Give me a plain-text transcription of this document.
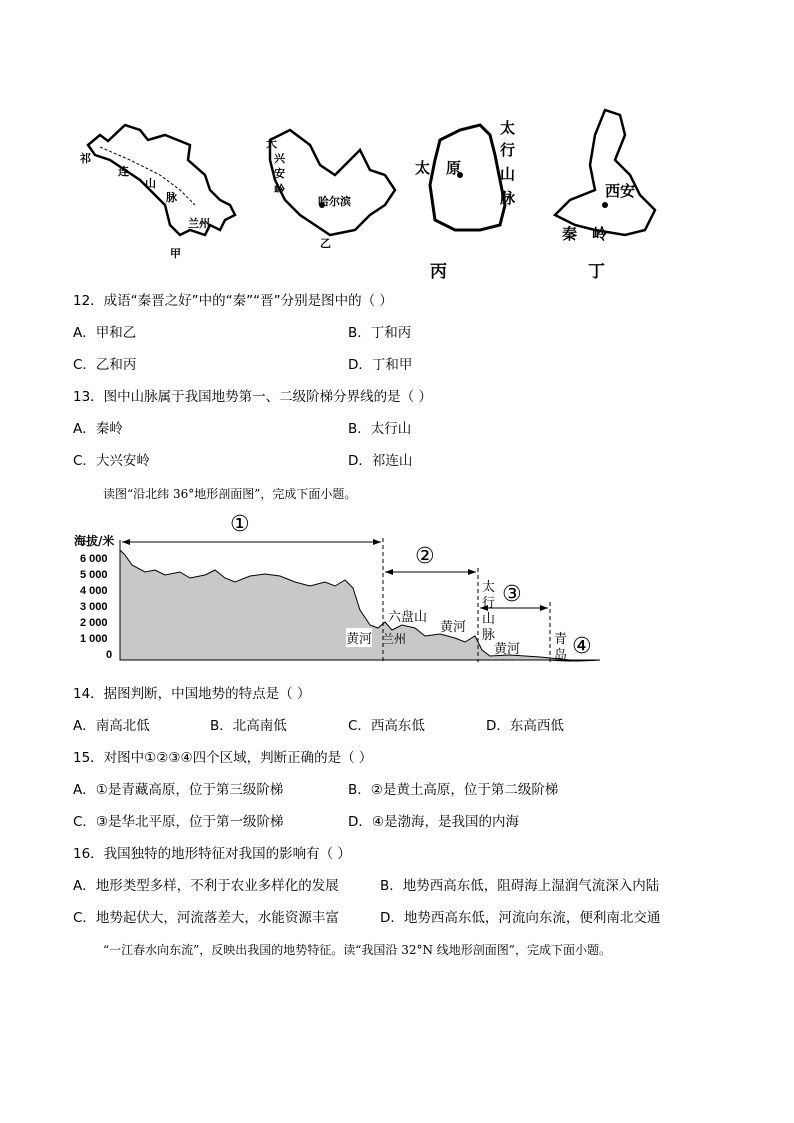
祁
连
山
脉
兰州
甲
大
兴
安
岭
哈尔滨
乙
太 原
太
行
山
脉
丙
西安
秦 岭
丁
12．成语“秦晋之好”中的“秦”“晋”分别是图中的（ ）
A．甲和乙	B．丁和丙
C．乙和丙	D．丁和甲
13．图中山脉属于我国地势第一、二级阶梯分界线的是（ ）
A．秦岭	B．太行山
C．大兴安岭	D．祁连山
读图“沿北纬 36°地形剖面图”，完成下面小题。
海拔/米
6 000
5 000
4 000
3 000
2 000
1 000
0
①
②
③
④
黄河 兰州
六盘山
黄河
太
行
山
脉
黄河
青
岛
14．据图判断，中国地势的特点是（ ）
A．南高北低	B．北高南低	C．西高东低	D．东高西低
15．对图中①②③④四个区域，判断正确的是（ ）
A．①是青藏高原，位于第三级阶梯	B．②是黄土高原，位于第二级阶梯
C．③是华北平原，位于第一级阶梯	D．④是渤海，是我国的内海
16．我国独特的地形特征对我国的影响有（ ）
A．地形类型多样，不利于农业多样化的发展	B．地势西高东低，阻碍海上湿润气流深入内陆
C．地势起伏大，河流落差大，水能资源丰富	D．地势西高东低，河流向东流，便利南北交通
“一江春水向东流”，反映出我国的地势特征。读“我国沿 32°N 线地形剖面图”，完成下面小题。
